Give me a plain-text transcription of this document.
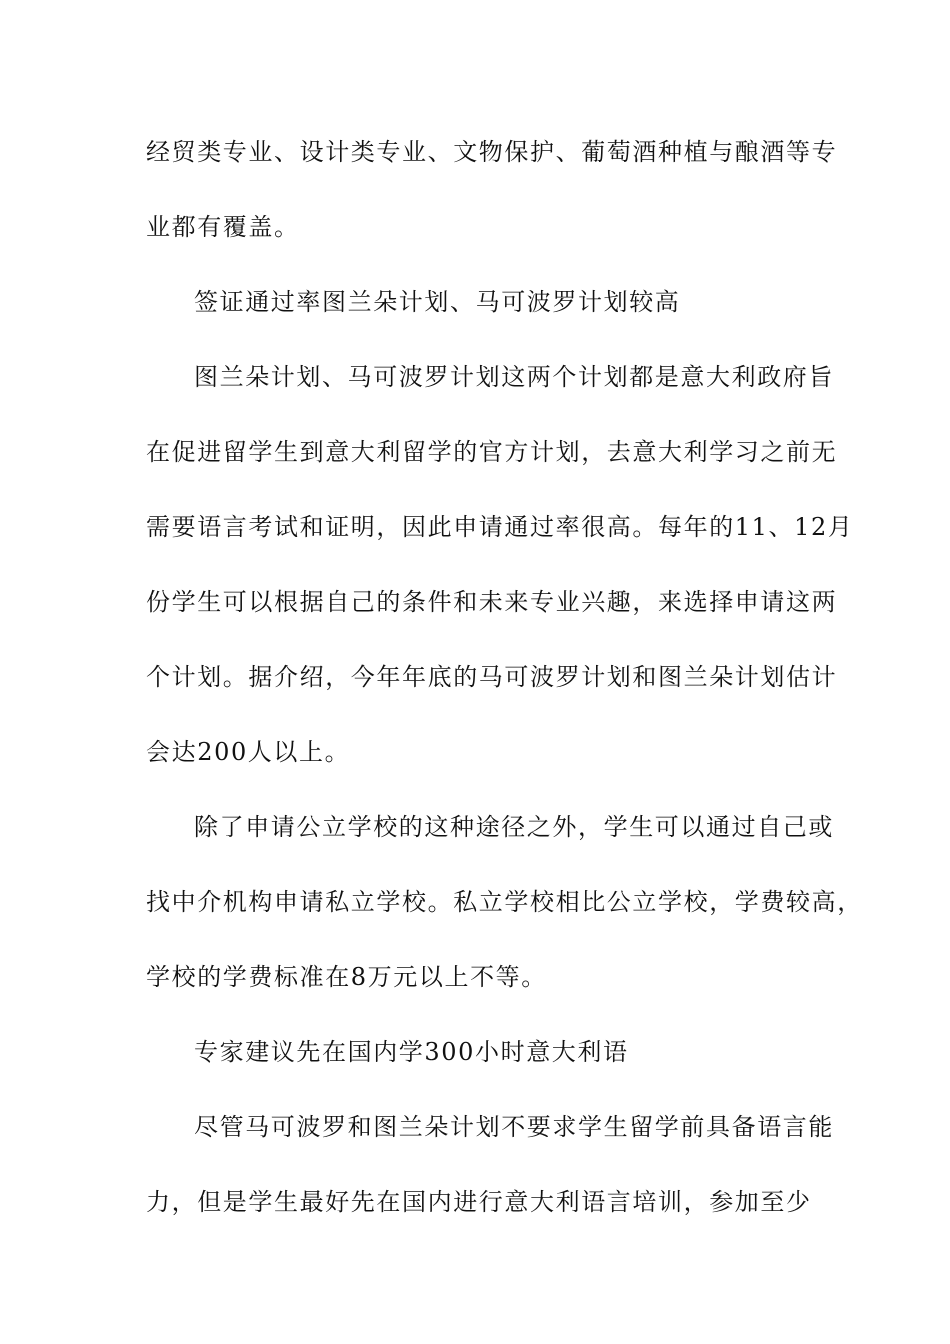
经贸类专业、设计类专业、文物保护、葡萄酒种植与酿酒等专
业都有覆盖。
签证通过率图兰朵计划、马可波罗计划较高
图兰朵计划、马可波罗计划这两个计划都是意大利政府旨
在促进留学生到意大利留学的官方计划，去意大利学习之前无
需要语言考试和证明，因此申请通过率很高。每年的11、12月
份学生可以根据自己的条件和未来专业兴趣，来选择申请这两
个计划。据介绍，今年年底的马可波罗计划和图兰朵计划估计
会达200人以上。
除了申请公立学校的这种途径之外，学生可以通过自己或
找中介机构申请私立学校。私立学校相比公立学校，学费较高，
学校的学费标准在8万元以上不等。
专家建议先在国内学300小时意大利语
尽管马可波罗和图兰朵计划不要求学生留学前具备语言能
力，但是学生最好先在国内进行意大利语言培训，参加至少
